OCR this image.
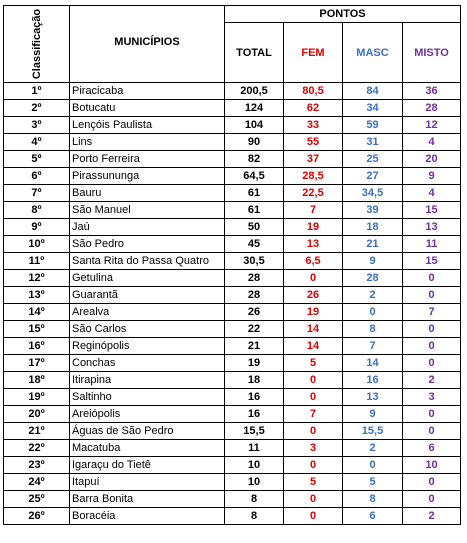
Classificação	MUNICÍPIOS	PONTOS			
		TOTAL	FEM	MASC	MISTO
1º	Piracicaba	200,5	80,5	84	36
2º	Botucatu	124	62	34	28
3º	Lençóis Paulista	104	33	59	12
4º	Lins	90	55	31	4
5º	Porto Ferreira	82	37	25	20
6º	Pirassununga	64,5	28,5	27	9
7º	Bauru	61	22,5	34,5	4
8º	São Manuel	61	7	39	15
9º	Jaú	50	19	18	13
10º	São Pedro	45	13	21	11
11º	Santa Rita do Passa Quatro	30,5	6,5	9	15
12º	Getulina	28	0	28	0
13º	Guarantã	28	26	2	0
14º	Arealva	26	19	0	7
15º	São Carlos	22	14	8	0
16º	Reginópolis	21	14	7	0
17º	Conchas	19	5	14	0
18º	Itirapina	18	0	16	2
19º	Saltinho	16	0	13	3
20º	Areiópolis	16	7	9	0
21º	Águas de São Pedro	15,5	0	15,5	0
22º	Macatuba	11	3	2	6
23º	Igaraçu do Tietê	10	0	0	10
24º	Itapuí	10	5	5	0
25º	Barra Bonita	8	0	8	0
26º	Boracéia	8	0	6	2
